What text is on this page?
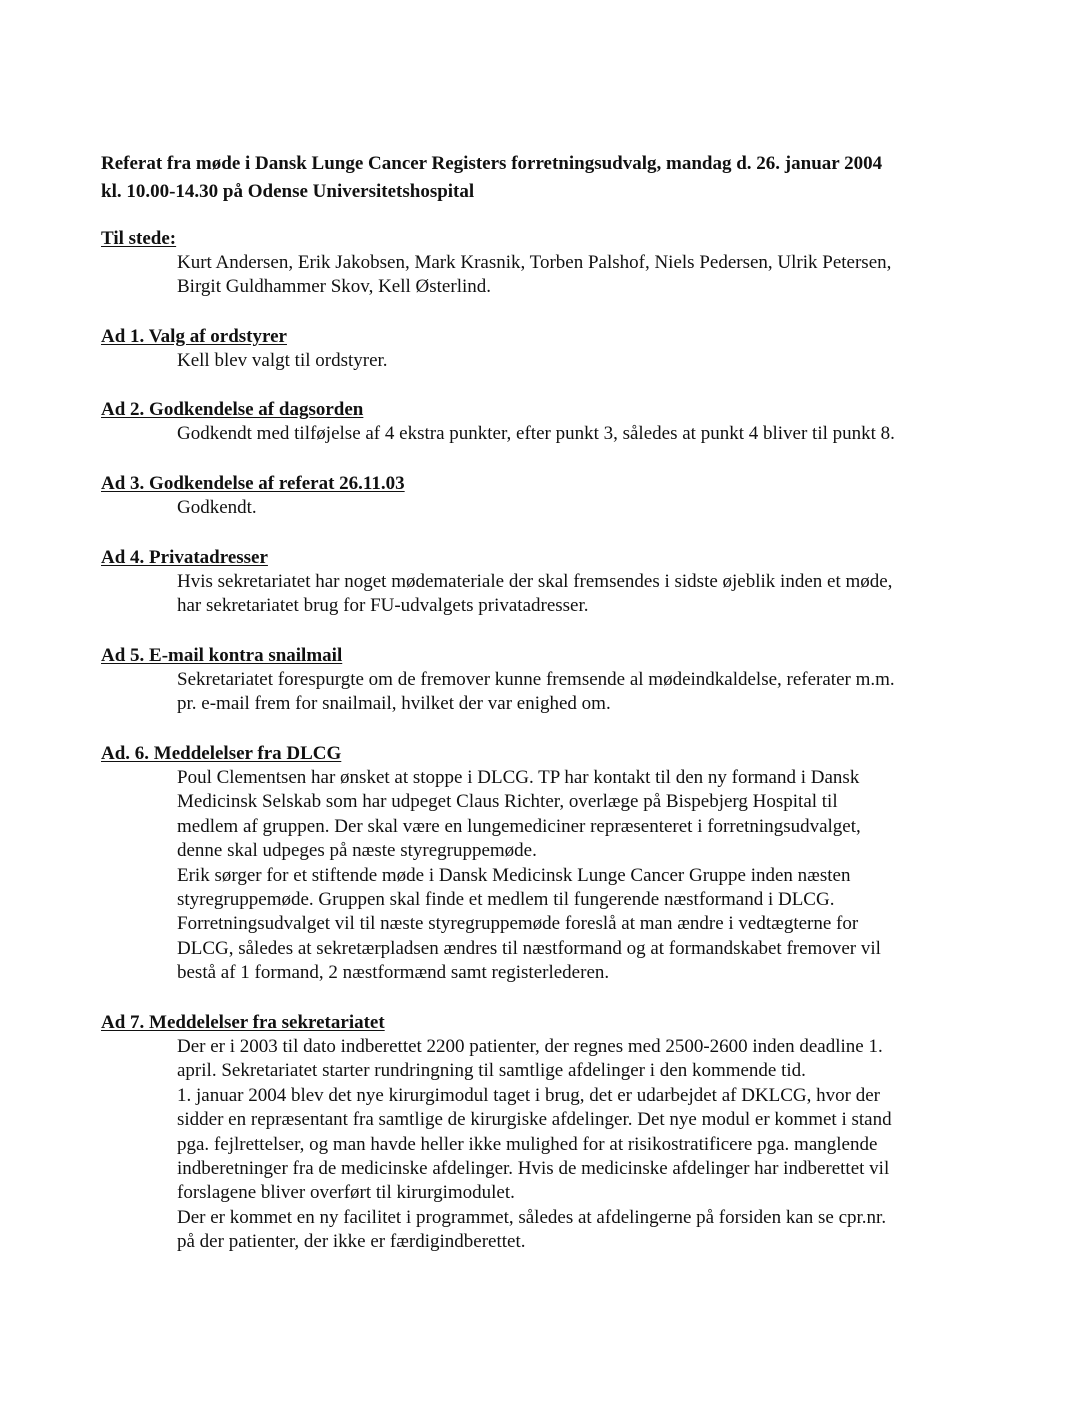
Referat fra møde i Dansk Lunge Cancer Registers forretningsudvalg, mandag d. 26. januar 2004
kl. 10.00-14.30 på Odense Universitetshospital
Til stede:
Kurt Andersen, Erik Jakobsen, Mark Krasnik, Torben Palshof, Niels Pedersen, Ulrik Petersen,
Birgit Guldhammer Skov, Kell Østerlind.
Ad 1. Valg af ordstyrer
Kell blev valgt til ordstyrer.
Ad 2. Godkendelse af dagsorden
Godkendt med tilføjelse af 4 ekstra punkter, efter punkt 3, således at punkt 4 bliver til punkt 8.
Ad 3. Godkendelse af referat 26.11.03
Godkendt.
Ad 4. Privatadresser
Hvis sekretariatet har noget mødemateriale der skal fremsendes i sidste øjeblik inden et møde,
har sekretariatet brug for FU-udvalgets privatadresser.
Ad 5. E-mail kontra snailmail
Sekretariatet forespurgte om de fremover kunne fremsende al mødeindkaldelse, referater m.m.
pr. e-mail frem for snailmail, hvilket der var enighed om.
Ad. 6. Meddelelser fra DLCG
Poul Clementsen har ønsket at stoppe i DLCG. TP har kontakt til den ny formand i Dansk
Medicinsk Selskab som har udpeget Claus Richter, overlæge på Bispebjerg Hospital til
medlem af gruppen. Der skal være en lungemediciner repræsenteret i forretningsudvalget,
denne skal udpeges på næste styregruppemøde.
Erik sørger for et stiftende møde i Dansk Medicinsk Lunge Cancer Gruppe inden næsten
styregruppemøde. Gruppen skal finde et medlem til fungerende næstformand i DLCG.
Forretningsudvalget vil til næste styregruppemøde foreslå at man ændre i vedtægterne for
DLCG, således at sekretærpladsen ændres til næstformand og at formandskabet fremover vil
bestå af 1 formand, 2 næstformænd samt registerlederen.
Ad 7. Meddelelser fra sekretariatet
Der er i 2003 til dato indberettet 2200 patienter, der regnes med 2500-2600 inden deadline 1.
april. Sekretariatet starter rundringning til samtlige afdelinger i den kommende tid.
1. januar 2004 blev det nye kirurgimodul taget i brug, det er udarbejdet af DKLCG, hvor der
sidder en repræsentant fra samtlige de kirurgiske afdelinger. Det nye modul er kommet i stand
pga. fejlrettelser, og man havde heller ikke mulighed for at risikostratificere pga. manglende
indberetninger fra de medicinske afdelinger. Hvis de medicinske afdelinger har indberettet vil
forslagene bliver overført til kirurgimodulet.
Der er kommet en ny facilitet i programmet, således at afdelingerne på forsiden kan se cpr.nr.
på der patienter, der ikke er færdigindberettet.
